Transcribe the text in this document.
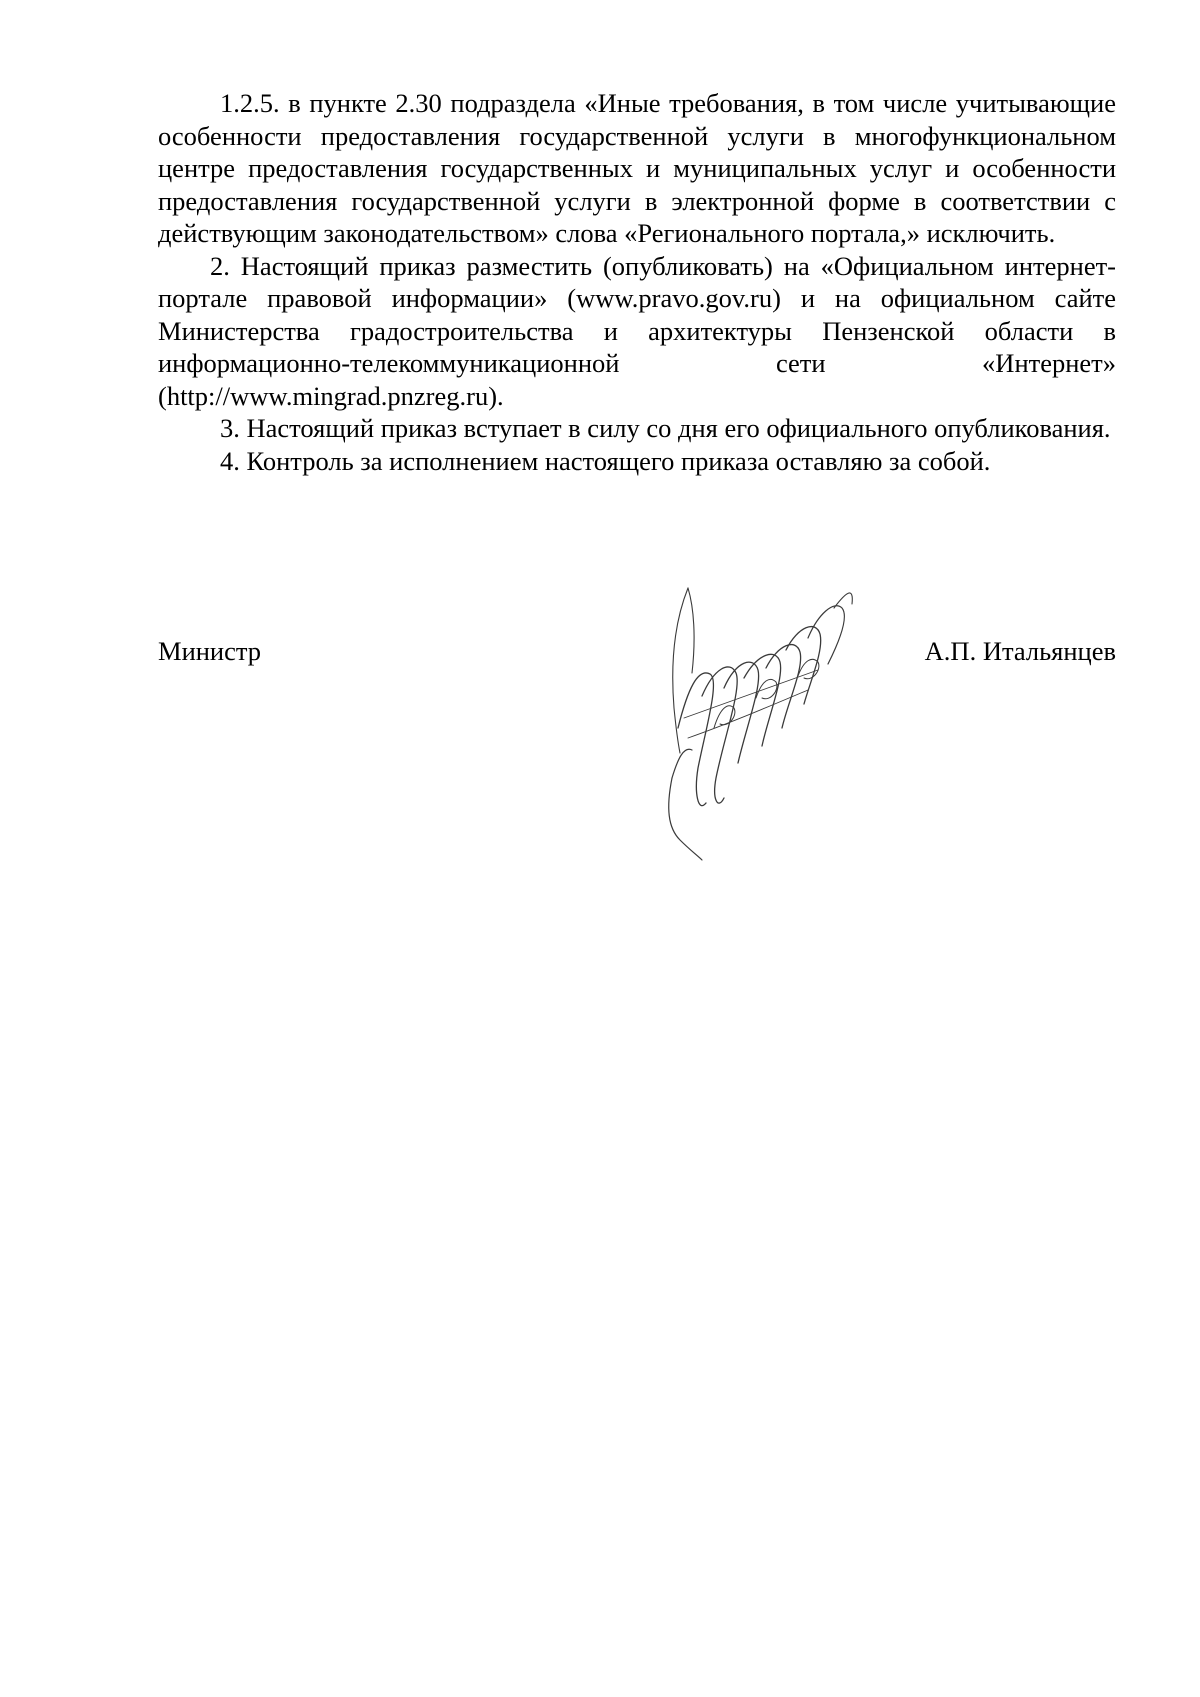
1.2.5. в пункте 2.30 подраздела «Иные требования, в том числе учитывающие особенности предоставления государственной услуги в многофункциональном центре предоставления государственных и муниципальных услуг и особенности предоставления государственной услуги в электронной форме в соответствии с действующим законодательством» слова «Регионального портала,» исключить.

2. Настоящий приказ разместить (опубликовать) на «Официальном интернет-портале правовой информации» (www.pravo.gov.ru) и на официальном сайте Министерства градостроительства и архитектуры Пензенской области в информационно-телекоммуникационной сети «Интернет» (http://www.mingrad.pnzreg.ru).

3. Настоящий приказ вступает в силу со дня его официального опубликования.

4. Контроль за исполнением настоящего приказа оставляю за собой.

Министр	А.П. Итальянцев
